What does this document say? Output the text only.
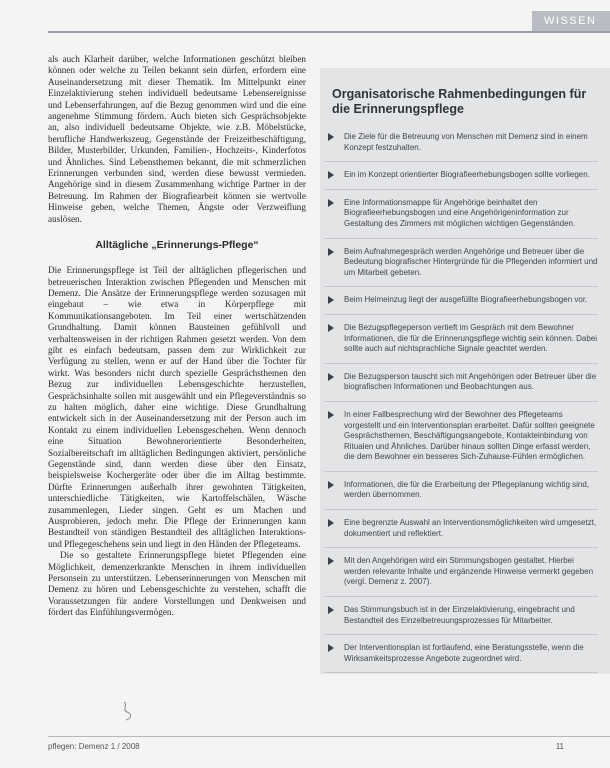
WISSEN

als auch Klarheit darüber, welche Informationen geschützt bleiben können oder welche zu Teilen bekannt sein dürfen, erfordern eine Auseinandersetzung mit dieser Thematik. Im Mittelpunkt einer Einzelaktivierung stehen individuell bedeutsame Lebensereignisse und Lebenserfahrungen, auf die Bezug genommen wird und die eine angenehme Stimmung fördern. Auch bieten sich Gesprächsobjekte an, also individuell bedeutsame Objekte, wie z.B. Möbelstücke, berufliche Handwerkszeug, Gegenstände der Freizeitbeschäftigung, Bilder, Musterbilder, Urkunden, Familien-, Hochzeits-, Kinderfotos und Ähnliches. Sind Lebensthemen bekannt, die mit schmerzlichen Erinnerungen verbunden sind, werden diese bewusst vermieden. Angehörige sind in diesem Zusammenhang wichtige Partner in der Betreuung. Im Rahmen der Biografiearbeit können sie wertvolle Hinweise geben, welche Themen, Ängste oder Verzweiflung auslösen.

Alltägliche „Erinnerungs-Pflege“

Die Erinnerungspflege ist Teil der alltäglichen pflegerischen und betreuerischen Interaktion zwischen Pflegenden und Menschen mit Demenz. Die Ansätze der Erinnerungspflege werden sozusagen mit eingebaut – wie etwa in Körperpflege mit Kommunikationsangeboten. Im Teil einer wertschätzenden Grundhaltung. Damit können Bausteinen gefühlvoll und verhaltensweisen in der richtigen Rahmen gesetzt werden. Von dem gibt es einfach bedeutsam, passen dem zur Wirklichkeit zur Verfügung zu stellen, wenn er auf der Hand über die Tochter für wirkt. Was besonders nicht durch spezielle Gesprächsthemen den Bezug zur individuellen Lebensgeschichte herzustellen, Gesprächsinhalte sollen mit ausgewählt und ein Pflegeverständnis so zu halten möglich, daher eine wichtige. Diese Grundhaltung entwickelt sich in der Auseinandersetzung mit der Person auch im Kontakt zu einem individuellen Lebensgeschehen. Wenn dennoch eine Situation Bewohnerorientierte Besonderheiten, Sozialbereitschaft im alltäglichen Bedingungen aktiviert, persönliche Gegenstände sind, dann werden diese über den Einsatz, beispielsweise Kochergeräte oder über die im Alltag bestimmte. Dürfte Erinnerungen außerhalb ihrer gewohnten Tätigkeiten, unterschiedliche Tätigkeiten, wie Kartoffelschälen, Wäsche zusammenlegen, Lieder singen. Geht es um Machen und Ausprobieren, jedoch mehr. Die Pflege der Erinnerungen kann Bestandteil von ständigen Bestandteil des alltäglichen Interaktions- und Pflegegeschehens sein und liegt in den Händen der Pflegeteams.

Die so gestaltete Erinnerungspflege bietet Pflegenden eine Möglichkeit, demenzerkrankte Menschen in ihrem individuellen Personsein zu unterstützen. Lebenserinnerungen von Menschen mit Demenz zu hören und Lebensgeschichte zu verstehen, schafft die Voraussetzungen für andere Vorstellungen und Denkweisen und fördert das Einfühlungsvermögen.

Organisatorische Rahmenbedingungen für die Erinnerungspflege
Die Ziele für die Betreuung von Menschen mit Demenz sind in einem Konzept festzuhalten.
Ein im Konzept orientierter Biografieerhebungsbogen sollte vorliegen.
Eine Informationsmappe für Angehörige beinhaltet den Biografieerhebungsbogen und eine Angehörigeninformation zur Gestaltung des Zimmers mit möglichen wichtigen Gegenständen.
Beim Aufnahmegespräch werden Angehörige und Betreuer über die Bedeutung biografischer Hintergründe für die Pflegenden informiert und um Mitarbeit gebeten.
Beim Heimeinzug liegt der ausgefüllte Biografieerhebungsbogen vor.
Die Bezugspflegeperson vertieft im Gespräch mit dem Bewohner Informationen, die für die Erinnerungspflege wichtig sein können. Dabei sollte auch auf nichtsprachliche Signale geachtet werden.
Die Bezugsperson tauscht sich mit Angehörigen oder Betreuer über die biografischen Informationen und Beobachtungen aus.
In einer Fallbesprechung wird der Bewohner des Pflegeteams vorgestellt und ein Interventionsplan erarbeitet. Dafür sollten geeignete Gesprächsthemen, Beschäftigungsangebote, Kontakteinbindung von Ritualen und Ähnliches. Darüber hinaus sollten Dinge erfasst werden, die dem Bewohner ein besseres Sich-Zuhause-Fühlen ermöglichen.
Informationen, die für die Erarbeitung der Pflegeplanung wichtig sind, werden übernommen.
Eine begrenzte Auswahl an Interventionsmöglichkeiten wird umgesetzt, dokumentiert und reflektiert.
Mit den Angehörigen wird ein Stimmungsbogen gestaltet. Hierbei werden relevante Inhalte und ergänzende Hinweise vermerkt gegeben (vergl. Demenz z. 2007).
Das Stimmungsbuch ist in der Einzelaktivierung, eingebracht und Bestandteil des Einzelbetreuungsprozesses für Mitarbeiter.
Der Interventionsplan ist fortlaufend, eine Beratungsstelle, wenn die Wirksamkeitsprozesse Angebote zugeordnet wird.
pflegen: Demenz 1 / 2008	11
